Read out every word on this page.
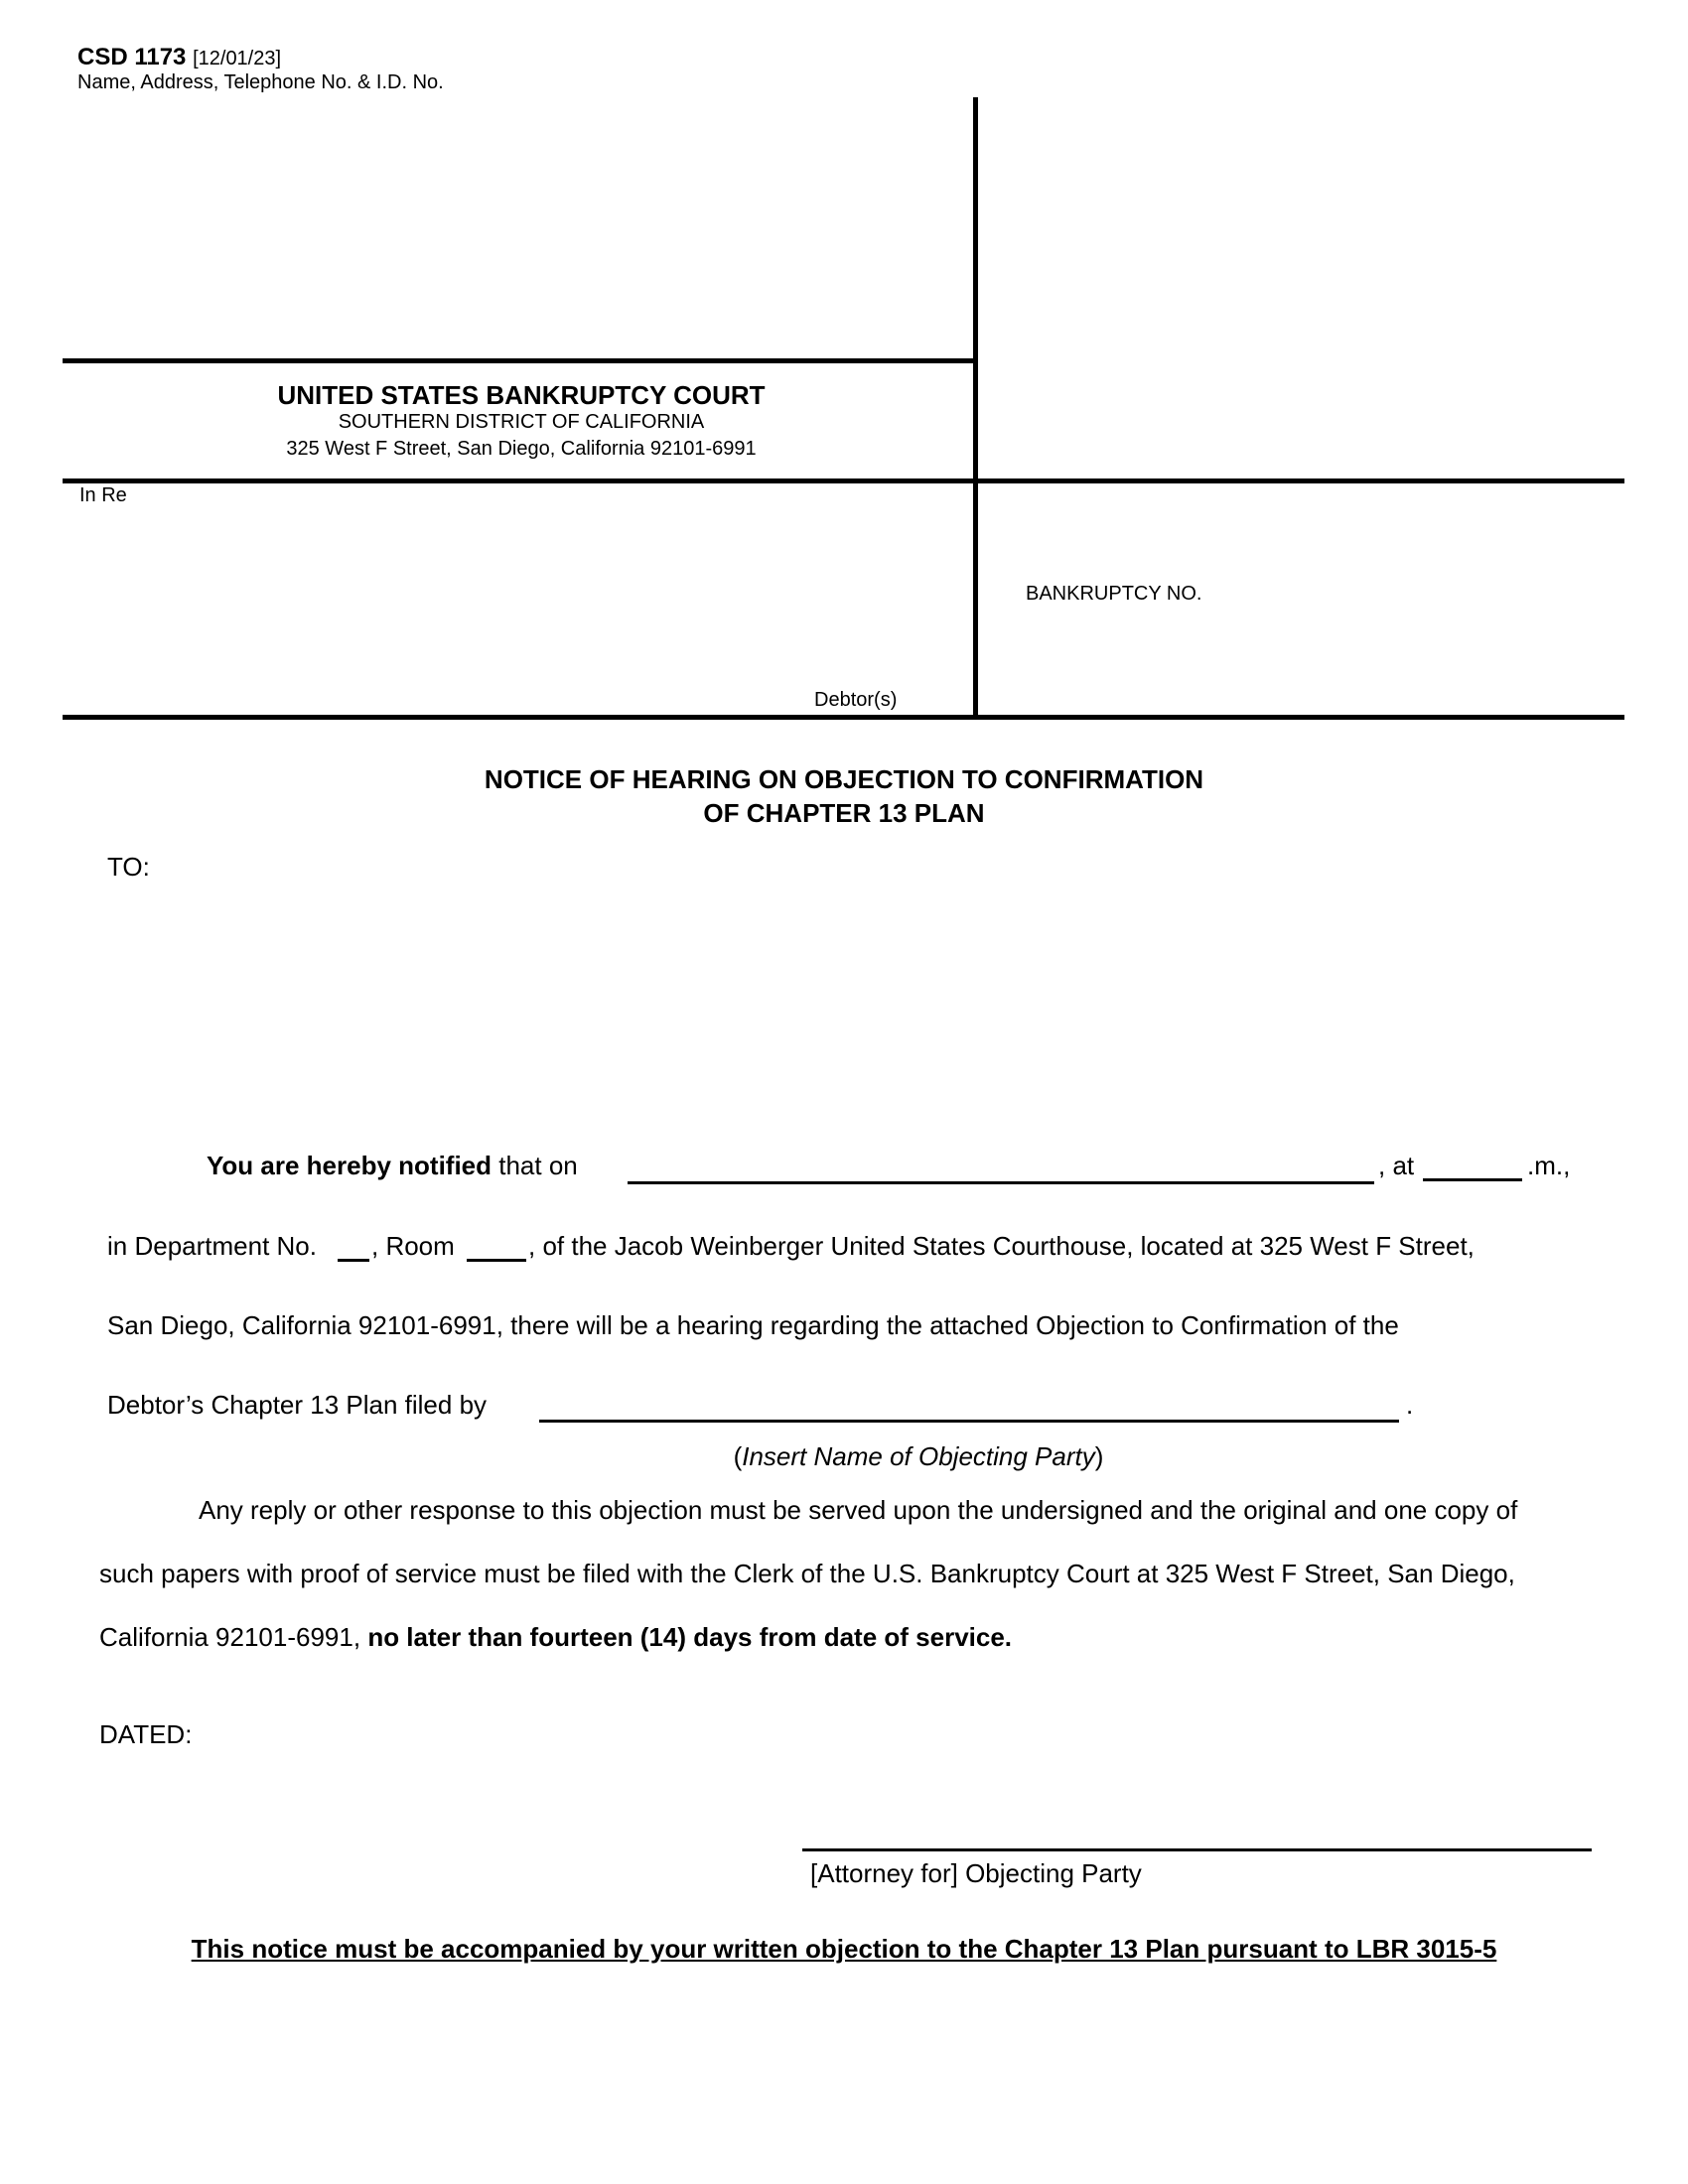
CSD 1173 [12/01/23]
Name, Address, Telephone No. & I.D. No.
UNITED STATES BANKRUPTCY COURT
SOUTHERN DISTRICT OF CALIFORNIA
325 West F Street, San Diego, California 92101-6991
In Re
BANKRUPTCY NO.
Debtor(s)
NOTICE OF HEARING ON OBJECTION TO CONFIRMATION
OF CHAPTER 13 PLAN
TO:
You are hereby notified that on	, at	.m.,
in Department No. , Room	, of the Jacob Weinberger United States Courthouse, located at 325 West F Street,
San Diego, California 92101-6991, there will be a hearing regarding the attached Objection to Confirmation of the
Debtor’s Chapter 13 Plan filed by	.
(Insert Name of Objecting Party)
Any reply or other response to this objection must be served upon the undersigned and the original and one copy of
such papers with proof of service must be filed with the Clerk of the U.S. Bankruptcy Court at 325 West F Street, San Diego,
California 92101-6991, no later than fourteen (14) days from date of service.
DATED:
[Attorney for] Objecting Party
This notice must be accompanied by your written objection to the Chapter 13 Plan pursuant to LBR 3015-5
